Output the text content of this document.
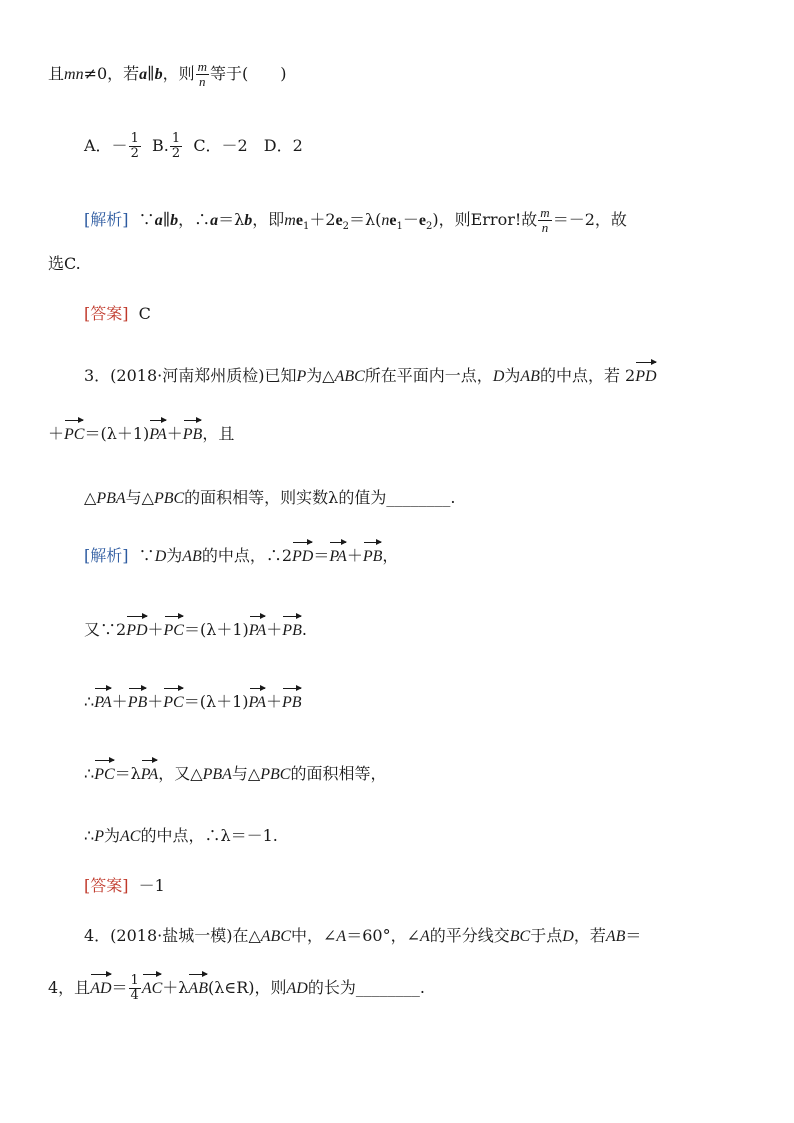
且mn≠0，若a∥b，则 $\frac{m}{n}$ 等于(　　)
A．－ $\frac{1}{2} B$. $\frac{1}{2}$ C．－2　D．2
[解析] ∵a∥b，∴a＝λb，即$me_1+2e_2=\lambda(ne_1-e_2)$，则Error!故 $\frac{m}{n} =-2$，故
选C.
[答案] C
3．(2018·河南郑州质检)已知P为△ABC所在平面内一点，D为AB的中点，若 2PD
＋PC＝(λ＋1)PA＋PB，且
△PBA与△PBC的面积相等，则实数λ的值为________.
[解析] ∵D为AB的中点，∴2PD＝PA＋PB，
又∵2PD＋PC＝(λ＋1)PA＋PB.
∴PA＋PB＋PC＝(λ＋1)PA＋PB
∴PC＝λPA，又△PBA与△PBC的面积相等，
∴P为AC的中点，∴λ＝－1.
[答案] －1
4．(2018·盐城一模)在△ABC中，∠A＝60°，∠A的平分线交BC于点D，若AB＝
4，且$AD= \frac{1}{4}$ AC＋λAB(λ∈R)，则AD的长为________.
